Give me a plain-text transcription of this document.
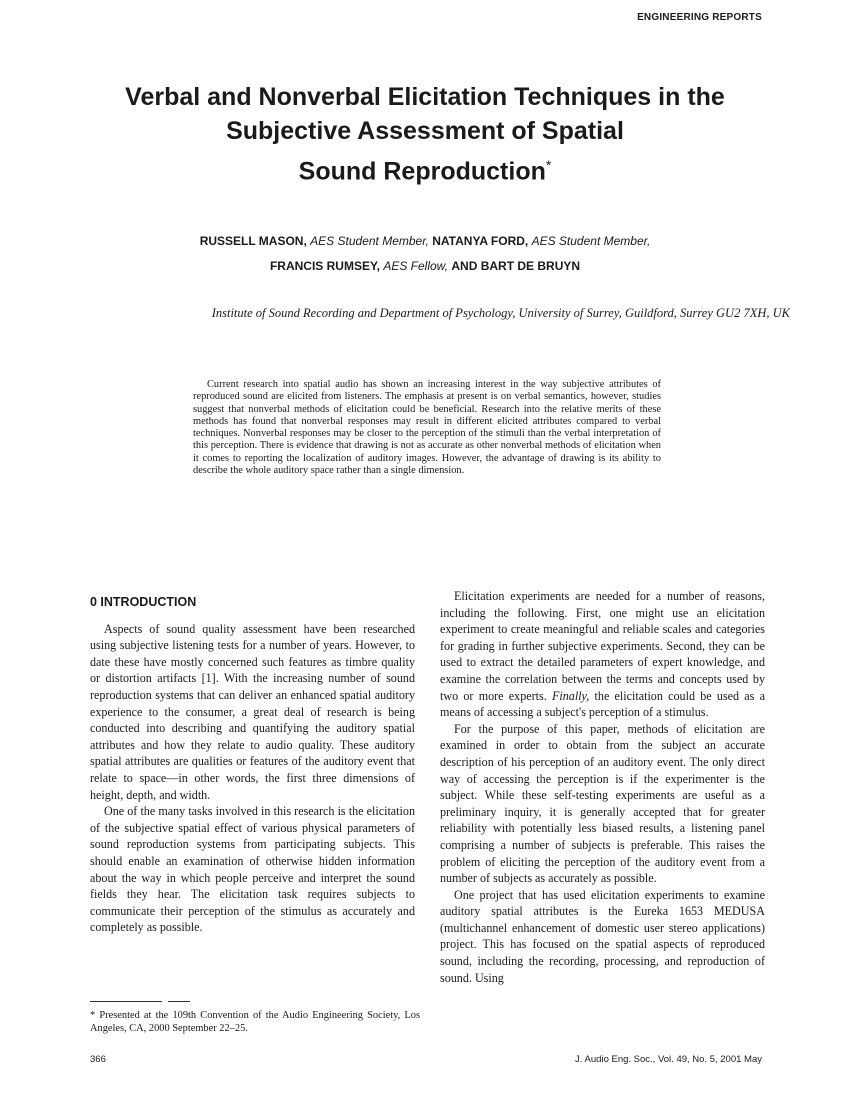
ENGINEERING REPORTS
Verbal and Nonverbal Elicitation Techniques in the
Subjective Assessment of Spatial
Sound Reproduction*
RUSSELL MASON, AES Student Member, NATANYA FORD, AES Student Member,
FRANCIS RUMSEY, AES Fellow, AND BART DE BRUYN
Institute of Sound Recording and Department of Psychology, University of Surrey, Guildford, Surrey GU2 7XH, UK
Current research into spatial audio has shown an increasing interest in the way subjective attributes of reproduced sound are elicited from listeners. The emphasis at present is on verbal semantics, however, studies suggest that nonverbal methods of elicitation could be beneficial. Research into the relative merits of these methods has found that nonverbal responses may result in different elicited attributes compared to verbal techniques. Nonverbal responses may be closer to the perception of the stimuli than the verbal interpretation of this perception. There is evidence that drawing is not as accurate as other nonverbal methods of elicitation when it comes to reporting the localization of auditory images. However, the advantage of drawing is its ability to describe the whole auditory space rather than a single dimension.
0 INTRODUCTION

Aspects of sound quality assessment have been researched using subjective listening tests for a number of years. However, to date these have mostly concerned such features as timbre quality or distortion artifacts [1]. With the increasing number of sound reproduction systems that can deliver an enhanced spatial auditory experience to the consumer, a great deal of research is being conducted into describing and quantifying the auditory spatial attributes and how they relate to audio quality. These auditory spatial attributes are qualities or features of the auditory event that relate to space—in other words, the first three dimensions of height, depth, and width.

One of the many tasks involved in this research is the elicitation of the subjective spatial effect of various physical parameters of sound reproduction systems from participating subjects. This should enable an examination of otherwise hidden information about the way in which people perceive and interpret the sound fields they hear. The elicitation task requires subjects to communicate their perception of the stimulus as accurately and completely as possible.

Elicitation experiments are needed for a number of reasons, including the following. First, one might use an elicitation experiment to create meaningful and reliable scales and categories for grading in further subjective experiments. Second, they can be used to extract the detailed parameters of expert knowledge, and examine the correlation between the terms and concepts used by two or more experts. Finally, the elicitation could be used as a means of accessing a subject's perception of a stimulus.

For the purpose of this paper, methods of elicitation are examined in order to obtain from the subject an accurate description of his perception of an auditory event. The only direct way of accessing the perception is if the experimenter is the subject. While these self-testing experiments are useful as a preliminary inquiry, it is generally accepted that for greater reliability with potentially less biased results, a listening panel comprising a number of subjects is preferable. This raises the problem of eliciting the perception of the auditory event from a number of subjects as accurately as possible.

One project that has used elicitation experiments to examine auditory spatial attributes is the Eureka 1653 MEDUSA (multichannel enhancement of domestic user stereo applications) project. This has focused on the spatial aspects of reproduced sound, including the recording, processing, and reproduction of sound. Using

* Presented at the 109th Convention of the Audio Engineering Society, Los Angeles, CA, 2000 September 22–25.
366	J. Audio Eng. Soc., Vol. 49, No. 5, 2001 May
